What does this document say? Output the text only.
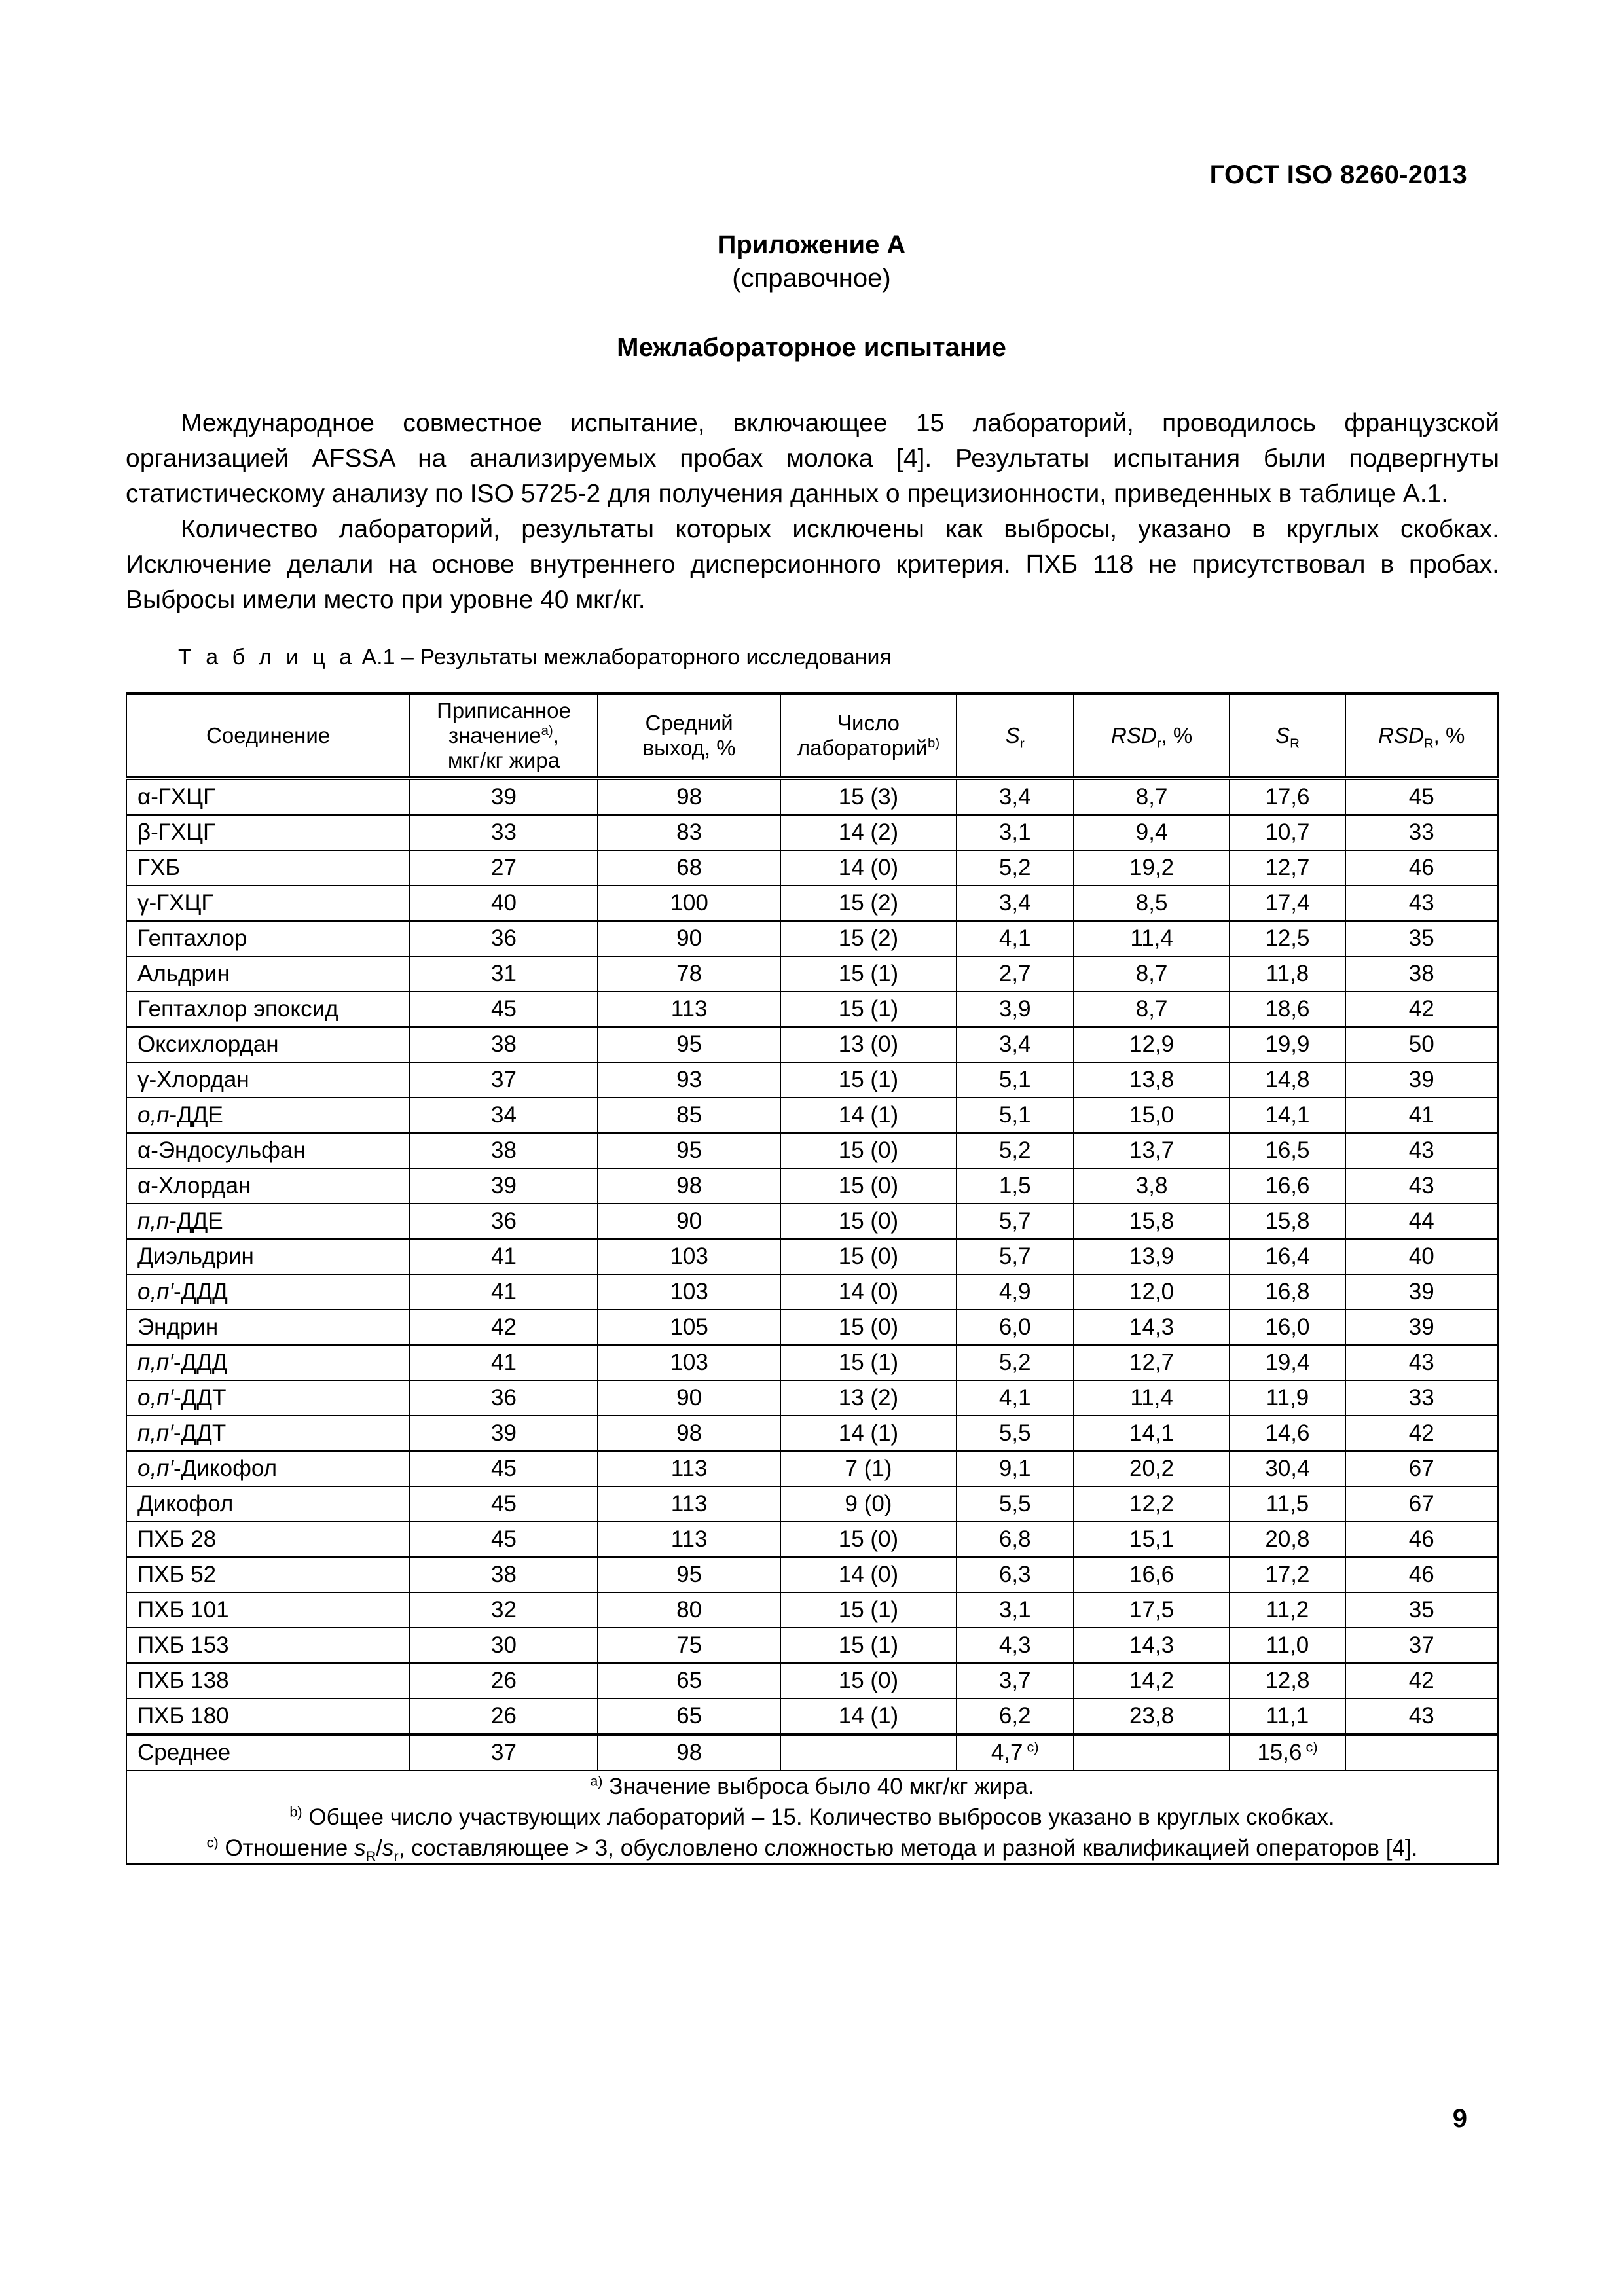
ГОСТ ISO 8260-2013
Приложение А
(справочное)
Межлабораторное испытание

Международное совместное испытание, включающее 15 лабораторий, проводилось французской организацией AFSSA на анализируемых пробах молока [4]. Результаты испытания были подвергнуты статистическому анализу по ISO 5725-2 для получения данных о прецизионности, приведенных в таблице А.1.

Количество лабораторий, результаты которых исключены как выбросы, указано в круглых скобках. Исключение делали на основе внутреннего дисперсионного критерия. ПХБ 118 не присутствовал в пробах. Выбросы имели место при уровне 40 мкг/кг.

Т а б л и ц а А.1 – Результаты межлабораторного исследования
Соединение	Приписанное
значение$^{a)}$,
мкг/кг жира	Средний
выход, %	Число
лабораторий$^{b)}$	$S_r$	$RSD_r$, %	$S_R$	$RSD_R$, %
α-ГХЦГ	39	98	15 (3)	3,4	8,7	17,6	45
β-ГХЦГ	33	83	14 (2)	3,1	9,4	10,7	33
ГХБ	27	68	14 (0)	5,2	19,2	12,7	46
γ-ГХЦГ	40	100	15 (2)	3,4	8,5	17,4	43
Гептахлор	36	90	15 (2)	4,1	11,4	12,5	35
Альдрин	31	78	15 (1)	2,7	8,7	11,8	38
Гептахлор эпоксид	45	113	15 (1)	3,9	8,7	18,6	42
Оксихлордан	38	95	13 (0)	3,4	12,9	19,9	50
γ-Хлордан	37	93	15 (1)	5,1	13,8	14,8	39
о,п-ДДЕ	34	85	14 (1)	5,1	15,0	14,1	41
α-Эндосульфан	38	95	15 (0)	5,2	13,7	16,5	43
α-Хлордан	39	98	15 (0)	1,5	3,8	16,6	43
п,п-ДДЕ	36	90	15 (0)	5,7	15,8	15,8	44
Диэльдрин	41	103	15 (0)	5,7	13,9	16,4	40
о,п′-ДДД	41	103	14 (0)	4,9	12,0	16,8	39
Эндрин	42	105	15 (0)	6,0	14,3	16,0	39
п,п′-ДДД	41	103	15 (1)	5,2	12,7	19,4	43
о,п′-ДДТ	36	90	13 (2)	4,1	11,4	11,9	33
п,п′-ДДТ	39	98	14 (1)	5,5	14,1	14,6	42
о,п′-Дикофол	45	113	7 (1)	9,1	20,2	30,4	67
Дикофол	45	113	9 (0)	5,5	12,2	11,5	67
ПХБ 28	45	113	15 (0)	6,8	15,1	20,8	46
ПХБ 52	38	95	14 (0)	6,3	16,6	17,2	46
ПХБ 101	32	80	15 (1)	3,1	17,5	11,2	35
ПХБ 153	30	75	15 (1)	4,3	14,3	11,0	37
ПХБ 138	26	65	15 (0)	3,7	14,2	12,8	42
ПХБ 180	26	65	14 (1)	6,2	23,8	11,1	43
Среднее	37	98		4,7 $^{c)}$		15,6 $^{c)}$	

$^{a)}$ Значение выброса было 40 мкг/кг жира.
$^{b)}$ Общее число участвующих лабораторий – 15. Количество выбросов указано в круглых скобках.
$^{c)}$ Отношение $s_R/s_r$, составляющее > 3, обусловлено сложностью метода и разной квалификацией операторов [4].							
9
